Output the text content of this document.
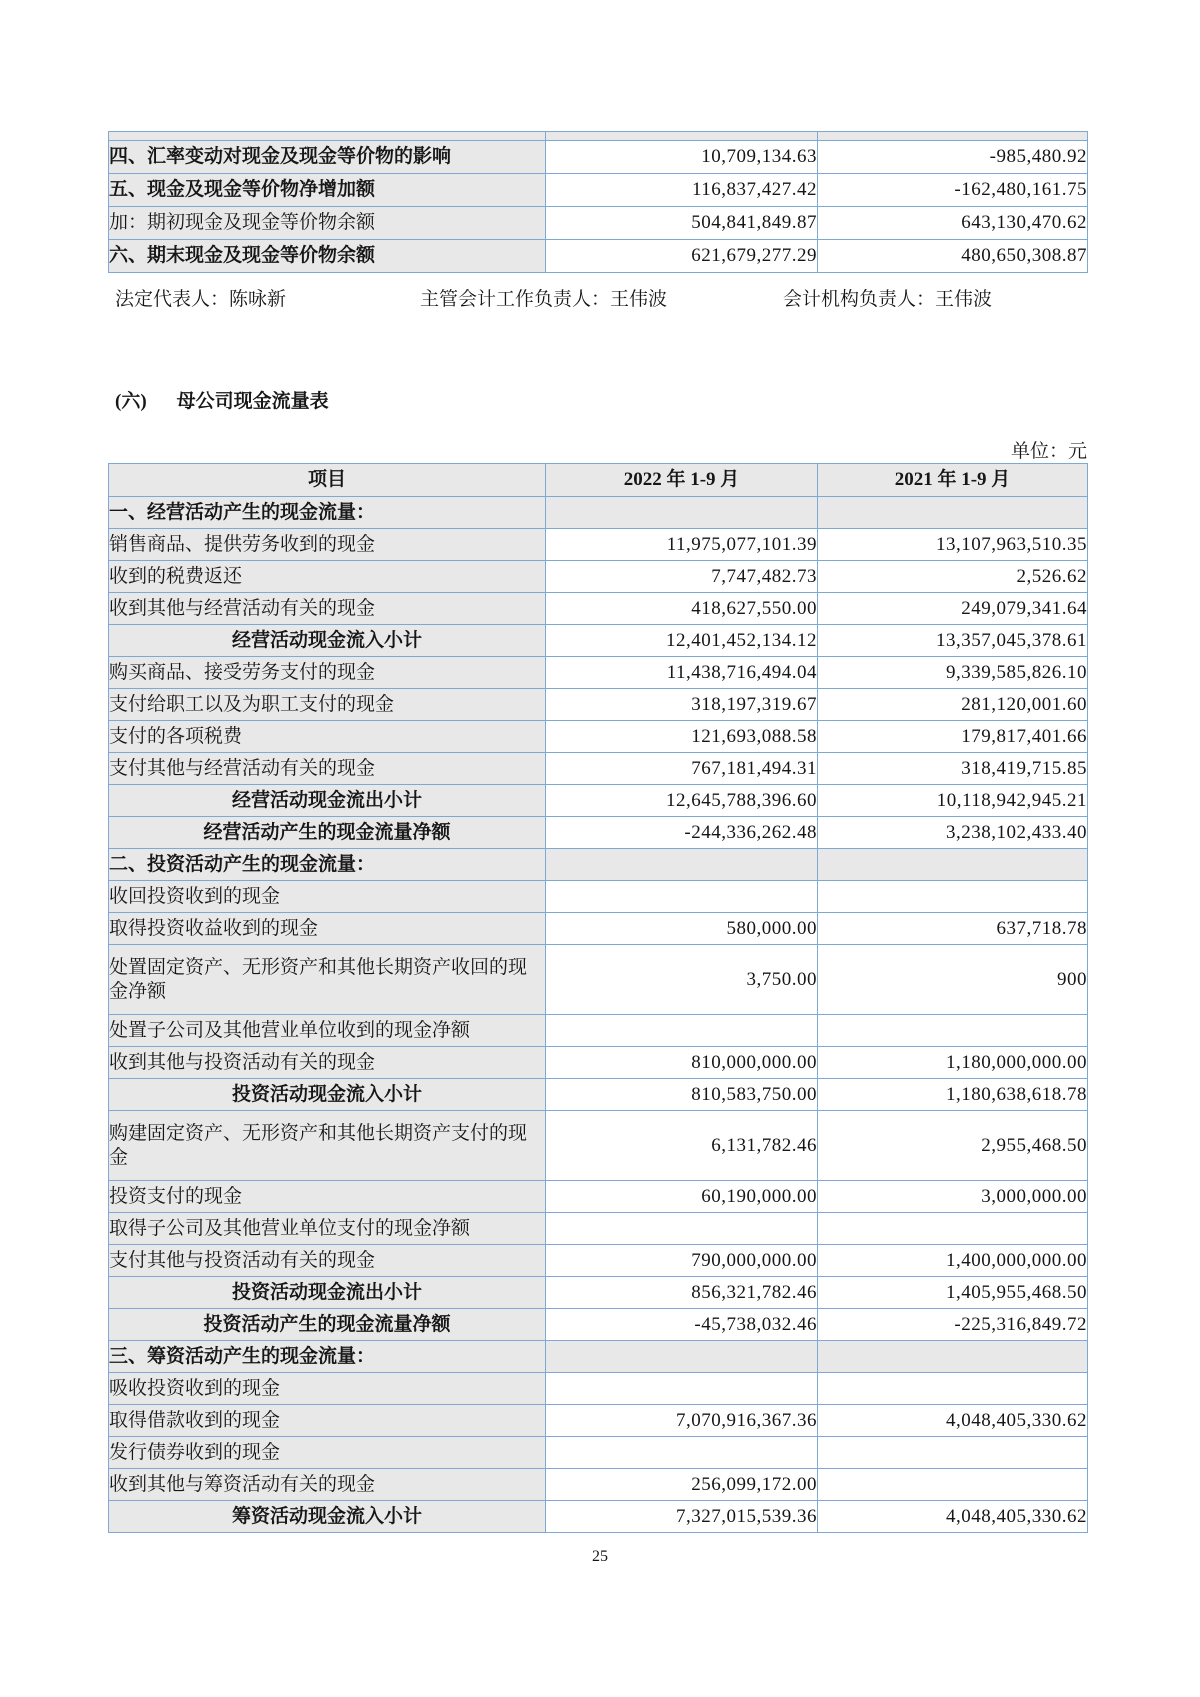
四、汇率变动对现金及现金等价物的影响	10,709,134.63	-985,480.92
五、现金及现金等价物净增加额	116,837,427.42	-162,480,161.75
加：期初现金及现金等价物余额	504,841,849.87	643,130,470.62
六、期末现金及现金等价物余额	621,679,277.29	480,650,308.87
法定代表人：陈咏新	主管会计工作负责人：王伟波	会计机构负责人：王伟波
(六) 母公司现金流量表
单位：元
项目	2022 年 1-9 月	2021 年 1-9 月
一、经营活动产生的现金流量：		
销售商品、提供劳务收到的现金	11,975,077,101.39	13,107,963,510.35
收到的税费返还	7,747,482.73	2,526.62
收到其他与经营活动有关的现金	418,627,550.00	249,079,341.64
经营活动现金流入小计	12,401,452,134.12	13,357,045,378.61
购买商品、接受劳务支付的现金	11,438,716,494.04	9,339,585,826.10
支付给职工以及为职工支付的现金	318,197,319.67	281,120,001.60
支付的各项税费	121,693,088.58	179,817,401.66
支付其他与经营活动有关的现金	767,181,494.31	318,419,715.85
经营活动现金流出小计	12,645,788,396.60	10,118,942,945.21
经营活动产生的现金流量净额	-244,336,262.48	3,238,102,433.40
二、投资活动产生的现金流量：		
收回投资收到的现金		
取得投资收益收到的现金	580,000.00	637,718.78
处置固定资产、无形资产和其他长期资产收回的现金净额	3,750.00	900
处置子公司及其他营业单位收到的现金净额		
收到其他与投资活动有关的现金	810,000,000.00	1,180,000,000.00
投资活动现金流入小计	810,583,750.00	1,180,638,618.78
购建固定资产、无形资产和其他长期资产支付的现金	6,131,782.46	2,955,468.50
投资支付的现金	60,190,000.00	3,000,000.00
取得子公司及其他营业单位支付的现金净额		
支付其他与投资活动有关的现金	790,000,000.00	1,400,000,000.00
投资活动现金流出小计	856,321,782.46	1,405,955,468.50
投资活动产生的现金流量净额	-45,738,032.46	-225,316,849.72
三、筹资活动产生的现金流量：		
吸收投资收到的现金		
取得借款收到的现金	7,070,916,367.36	4,048,405,330.62
发行债券收到的现金		
收到其他与筹资活动有关的现金	256,099,172.00	
筹资活动现金流入小计	7,327,015,539.36	4,048,405,330.62
25
